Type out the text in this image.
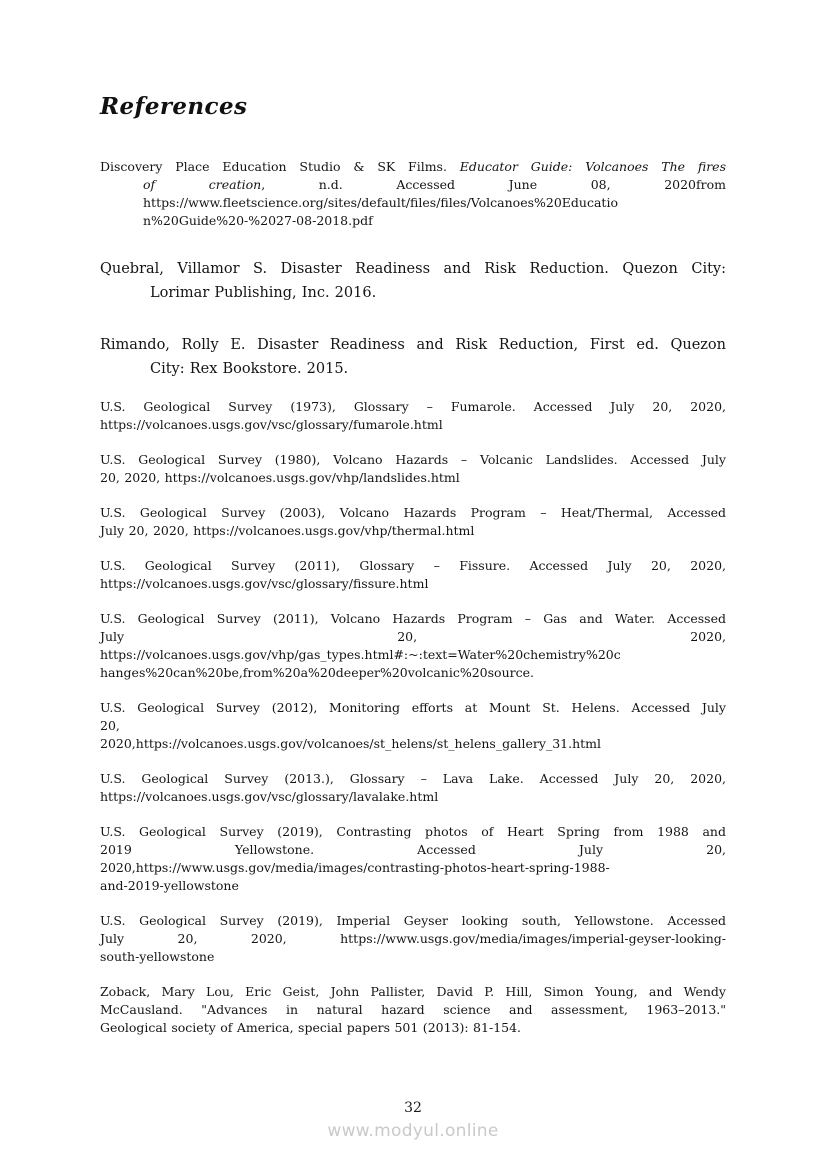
References
Discovery Place Education Studio & SK Films. Educator Guide: Volcanoes The fires
of creation, n.d. Accessed June 08, 2020from
https://www.fleetscience.org/sites/default/files/files/Volcanoes%20Educatio
n%20Guide%20-%2027-08-2018.pdf
Quebral, Villamor S. Disaster Readiness and Risk Reduction. Quezon City:
Lorimar Publishing, Inc. 2016.
Rimando, Rolly E. Disaster Readiness and Risk Reduction, First ed. Quezon
City: Rex Bookstore. 2015.
U.S. Geological Survey (1973), Glossary – Fumarole. Accessed July 20, 2020,
https://volcanoes.usgs.gov/vsc/glossary/fumarole.html
U.S. Geological Survey (1980), Volcano Hazards – Volcanic Landslides. Accessed July
20, 2020, https://volcanoes.usgs.gov/vhp/landslides.html
U.S. Geological Survey (2003), Volcano Hazards Program – Heat/Thermal, Accessed
July 20, 2020, https://volcanoes.usgs.gov/vhp/thermal.html
U.S. Geological Survey (2011), Glossary – Fissure. Accessed July 20, 2020,
https://volcanoes.usgs.gov/vsc/glossary/fissure.html
U.S. Geological Survey (2011), Volcano Hazards Program – Gas and Water. Accessed
July 20, 2020,
https://volcanoes.usgs.gov/vhp/gas_types.html#:~:text=Water%20chemistry%20c
hanges%20can%20be,from%20a%20deeper%20volcanic%20source.
U.S. Geological Survey (2012), Monitoring efforts at Mount St. Helens. Accessed July
20,
2020,https://volcanoes.usgs.gov/volcanoes/st_helens/st_helens_gallery_31.html
U.S. Geological Survey (2013.), Glossary – Lava Lake. Accessed July 20, 2020,
https://volcanoes.usgs.gov/vsc/glossary/lavalake.html
U.S. Geological Survey (2019), Contrasting photos of Heart Spring from 1988 and
2019 Yellowstone. Accessed July 20,
2020,https://www.usgs.gov/media/images/contrasting-photos-heart-spring-1988-
and-2019-yellowstone
U.S. Geological Survey (2019), Imperial Geyser looking south, Yellowstone. Accessed
July 20, 2020, https://www.usgs.gov/media/images/imperial-geyser-looking-
south-yellowstone
Zoback, Mary Lou, Eric Geist, John Pallister, David P. Hill, Simon Young, and Wendy
McCausland. "Advances in natural hazard science and assessment, 1963–2013."
Geological society of America, special papers 501 (2013): 81-154.
32
www.modyul.online
